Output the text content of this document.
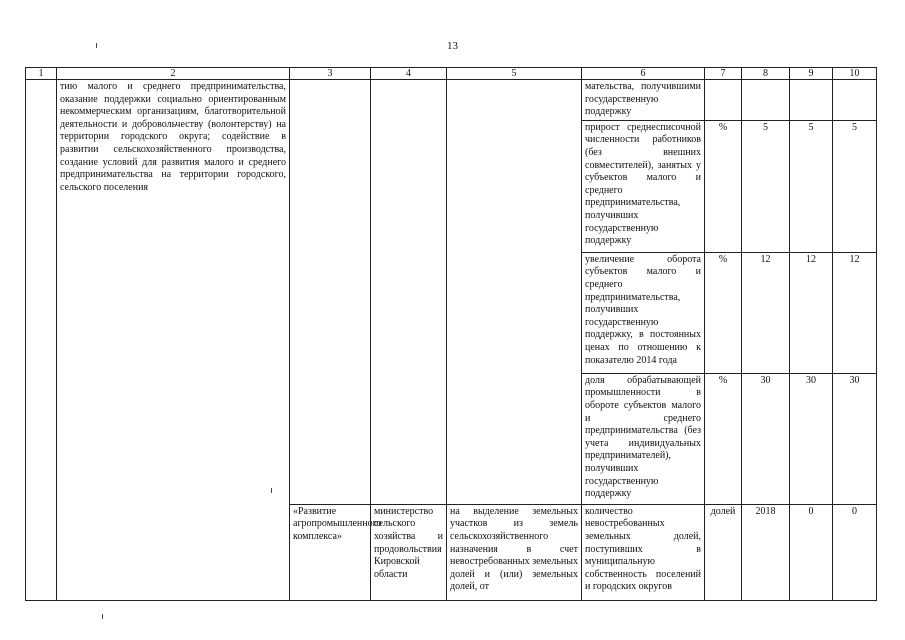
13
1	2	3	4	5	6	7	8	9	10
	тию малого и среднего предпринимательства, оказание поддержки социально ориентированным некоммерческим организациям, благотворительной деятельности и добровольчеству (волонтерству) на территории городского округа; содействие в развитии сельскохозяйственного производства, создание условий для развития малого и среднего предпринимательства на территории городского, сельского поселения				мательства, получившими государственную поддержку				
					прирост среднесписочной численности работников (без внешних совместителей), занятых у субъектов малого и среднего предпринимательства, получивших государственную поддержку	%	5	5	5
					увеличение оборота субъектов малого и среднего предпринимательства, получивших государственную поддержку, в постоянных ценах по отношению к показателю 2014 года	%	12	12	12
					доля обрабатывающей промышленности в обороте субъектов малого и среднего предпринимательства (без учета индивидуальных предпринимателей), получивших государственную поддержку	%	30	30	30
		«Развитие агропромышленного комплекса»	министерство сельского хозяйства и продовольствия Кировской области	на выделение земельных участков из земель сельскохозяйственного назначения в счет невостребованных земельных долей и (или) земельных долей, от	количество невостребованных земельных долей, поступивших в муниципальную собственность поселений и городских округов	долей	2018	0	0
